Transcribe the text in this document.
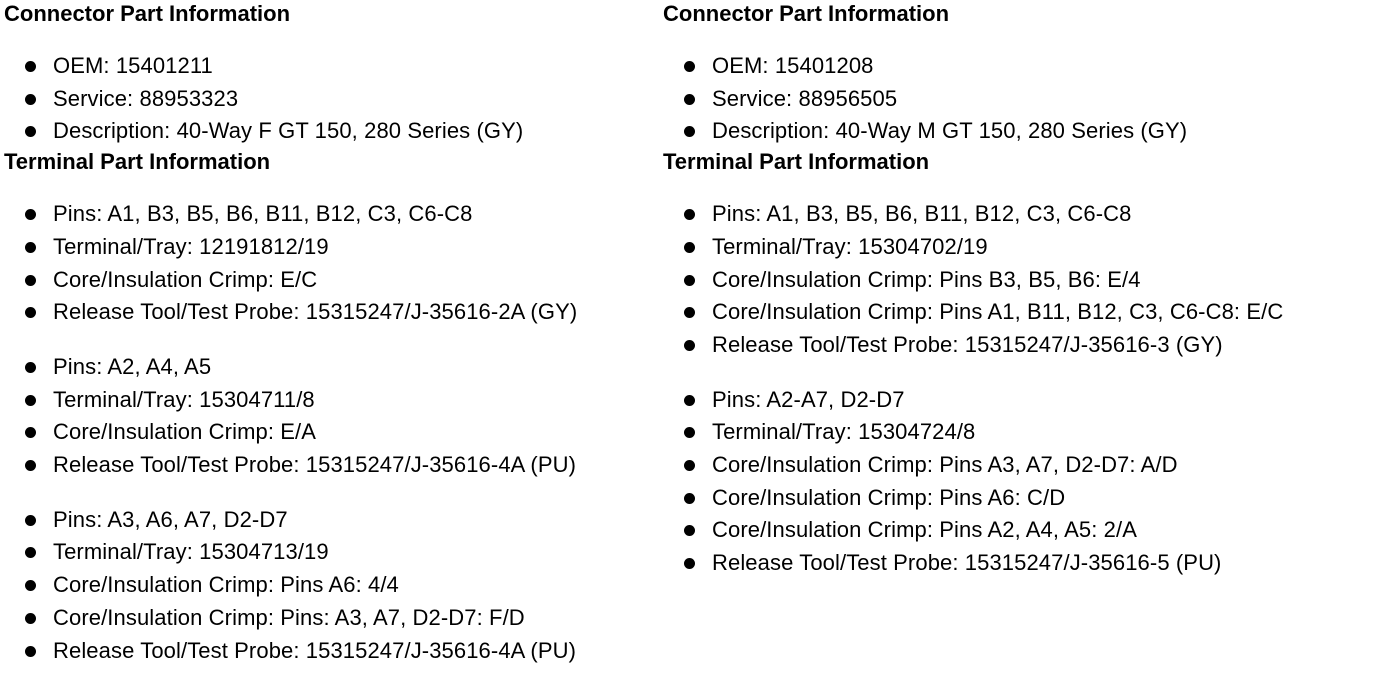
Connector Part Information
OEM: 15401211
Service: 88953323
Description: 40-Way F GT 150, 280 Series (GY)
Terminal Part Information
Pins: A1, B3, B5, B6, B11, B12, C3, C6-C8
Terminal/Tray: 12191812/19
Core/Insulation Crimp: E/C
Release Tool/Test Probe: 15315247/J-35616-2A (GY)
Pins: A2, A4, A5
Terminal/Tray: 15304711/8
Core/Insulation Crimp: E/A
Release Tool/Test Probe: 15315247/J-35616-4A (PU)
Pins: A3, A6, A7, D2-D7
Terminal/Tray: 15304713/19
Core/Insulation Crimp: Pins A6: 4/4
Core/Insulation Crimp: Pins: A3, A7, D2-D7: F/D
Release Tool/Test Probe: 15315247/J-35616-4A (PU)
Connector Part Information
OEM: 15401208
Service: 88956505
Description: 40-Way M GT 150, 280 Series (GY)
Terminal Part Information
Pins: A1, B3, B5, B6, B11, B12, C3, C6-C8
Terminal/Tray: 15304702/19
Core/Insulation Crimp: Pins B3, B5, B6: E/4
Core/Insulation Crimp: Pins A1, B11, B12, C3, C6-C8: E/C
Release Tool/Test Probe: 15315247/J-35616-3 (GY)
Pins: A2-A7, D2-D7
Terminal/Tray: 15304724/8
Core/Insulation Crimp: Pins A3, A7, D2-D7: A/D
Core/Insulation Crimp: Pins A6: C/D
Core/Insulation Crimp: Pins A2, A4, A5: 2/A
Release Tool/Test Probe: 15315247/J-35616-5 (PU)
